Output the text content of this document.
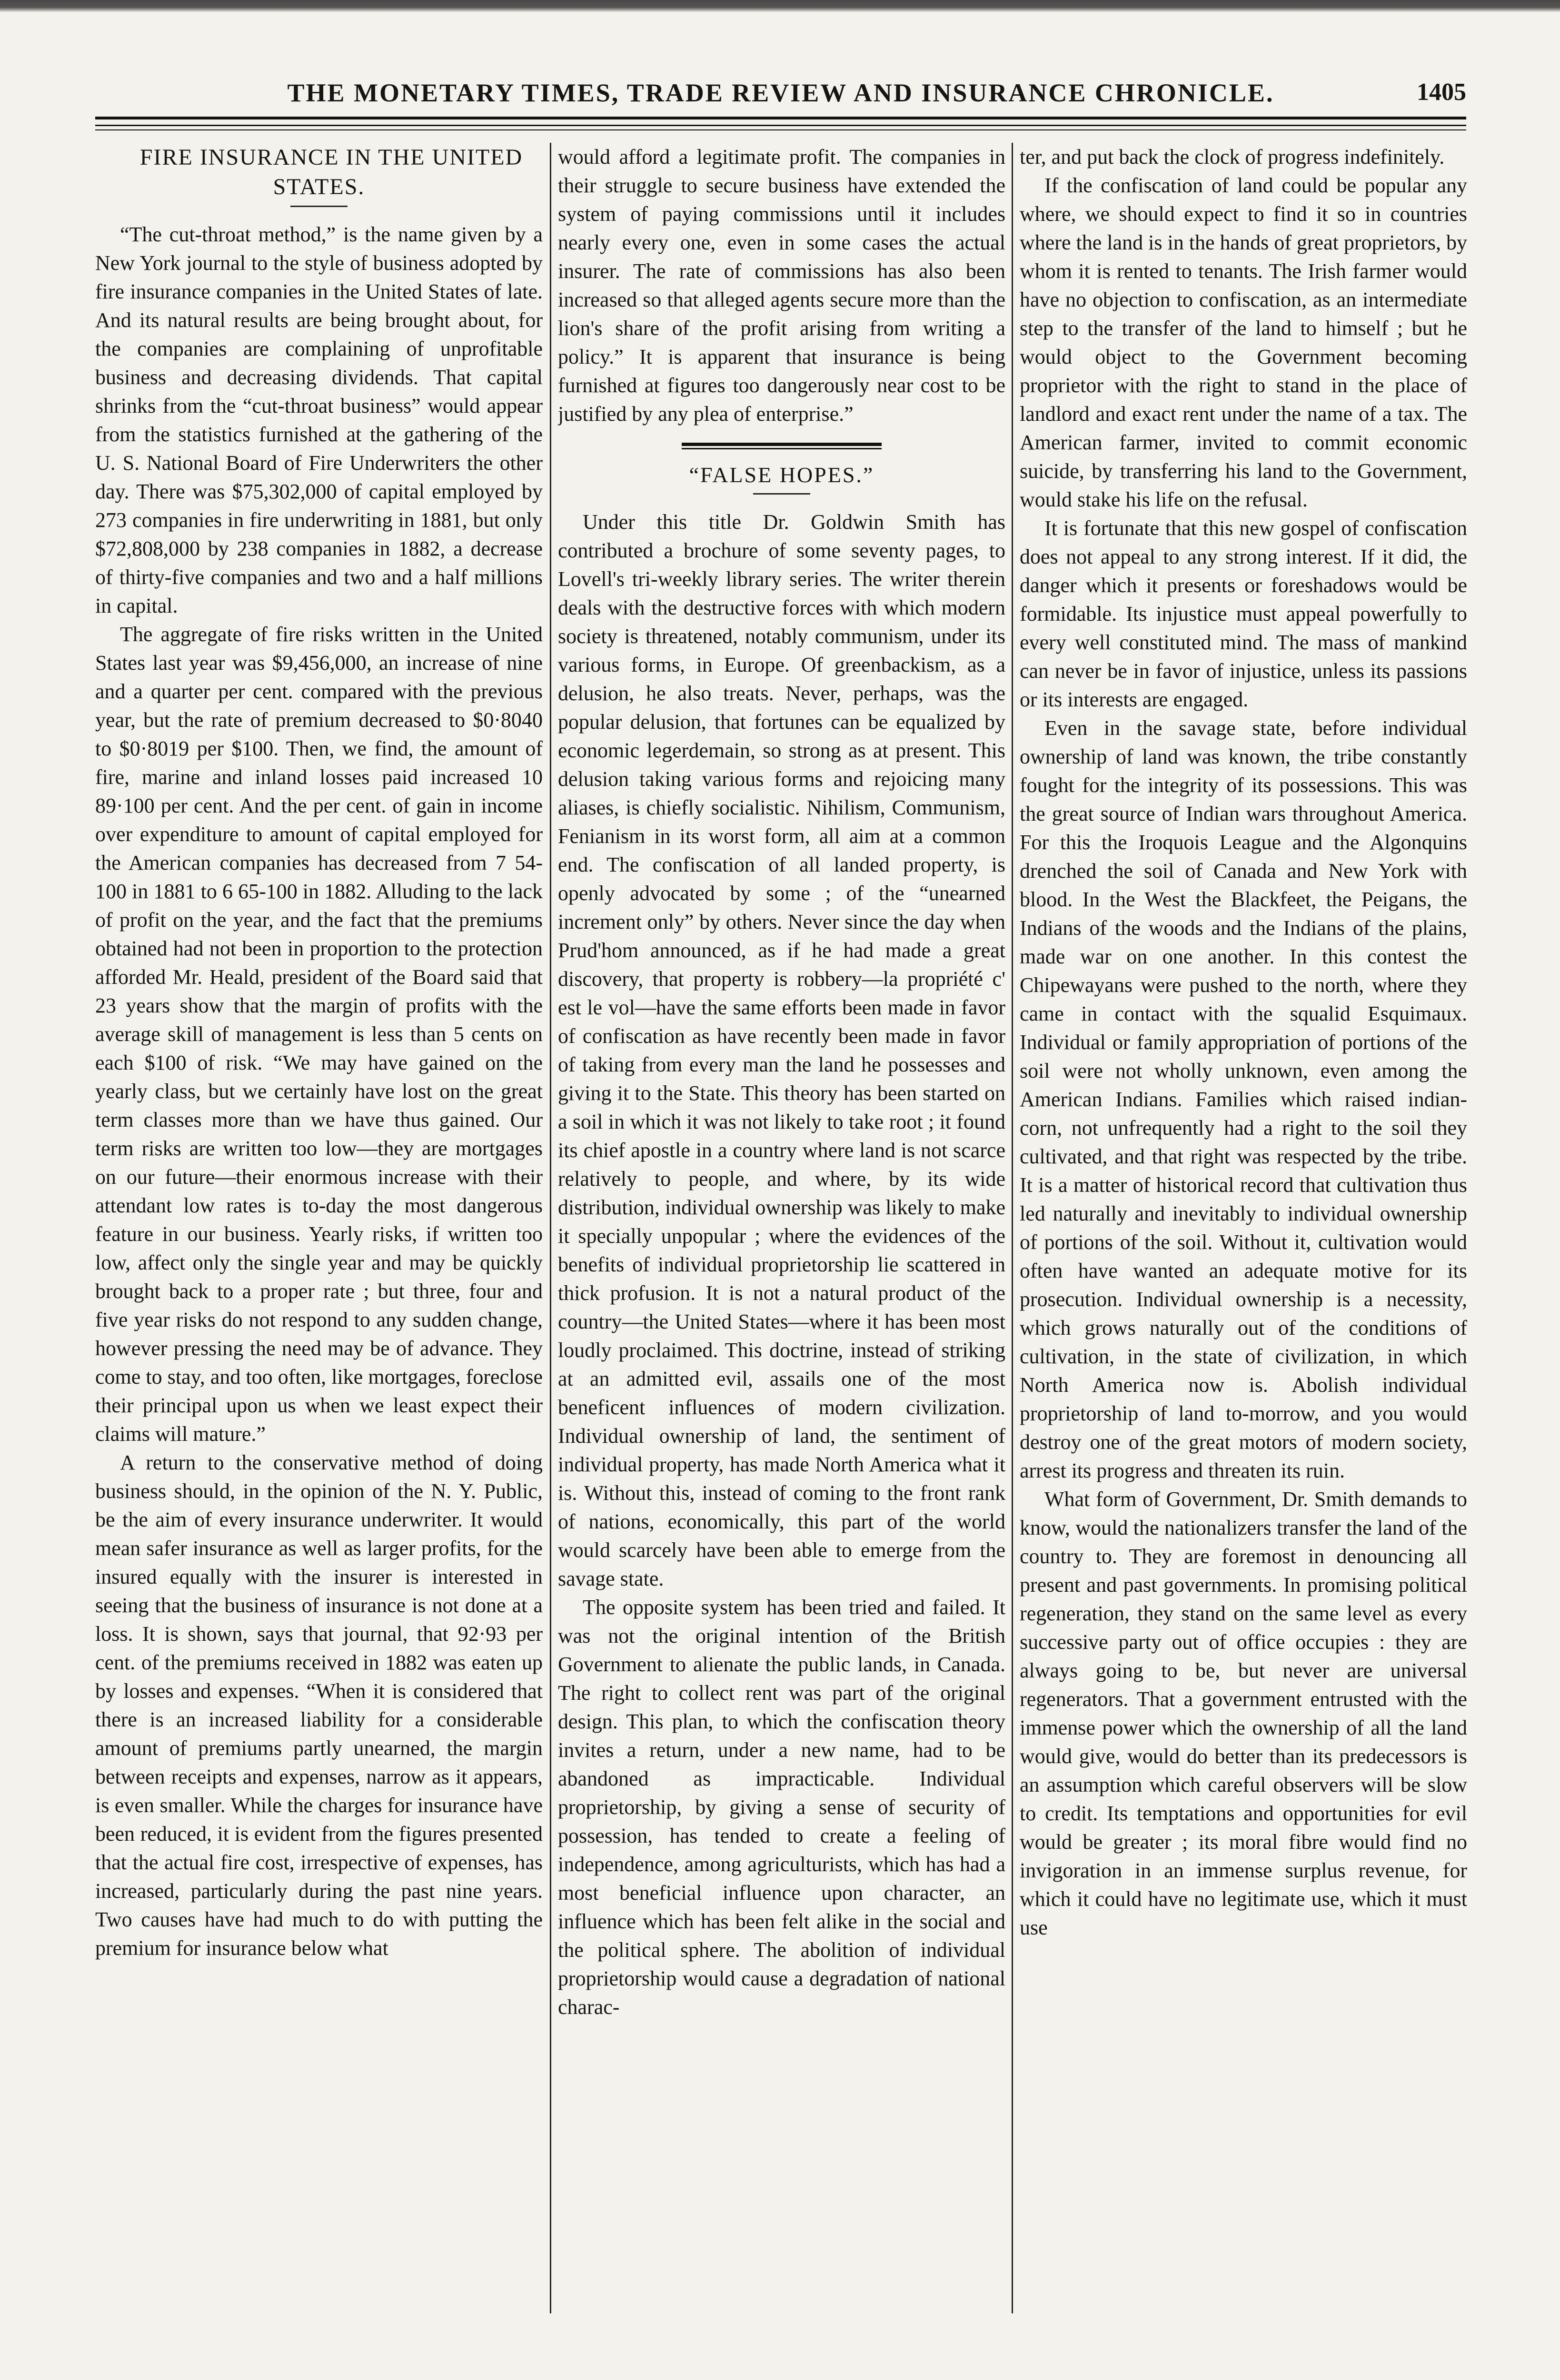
THE MONETARY TIMES, TRADE REVIEW AND INSURANCE CHRONICLE.	1405

FIRE INSURANCE IN THE UNITED STATES.

“The cut-throat method,” is the name given by a New York journal to the style of business adopted by fire insurance companies in the United States of late. And its natural results are being brought about, for the companies are complaining of unprofitable business and decreasing dividends. That capital shrinks from the “cut-throat business” would appear from the statistics furnished at the gathering of the U. S. National Board of Fire Underwriters the other day. There was $75,302,000 of capital employed by 273 companies in fire underwriting in 1881, but only $72,808,000 by 238 companies in 1882, a decrease of thirty-five companies and two and a half millions in capital.

The aggregate of fire risks written in the United States last year was $9,456,000, an increase of nine and a quarter per cent. compared with the previous year, but the rate of premium decreased to $0·8040 to $0·8019 per $100. Then, we find, the amount of fire, marine and inland losses paid increased 10 89·100 per cent. And the per cent. of gain in income over expenditure to amount of capital employed for the American companies has decreased from 7 54-100 in 1881 to 6 65-100 in 1882. Alluding to the lack of profit on the year, and the fact that the premiums obtained had not been in proportion to the protection afforded Mr. Heald, president of the Board said that 23 years show that the margin of profits with the average skill of management is less than 5 cents on each $100 of risk. “We may have gained on the yearly class, but we certainly have lost on the great term classes more than we have thus gained. Our term risks are written too low—they are mortgages on our future—their enormous increase with their attendant low rates is to-day the most dangerous feature in our business. Yearly risks, if written too low, affect only the single year and may be quickly brought back to a proper rate ; but three, four and five year risks do not respond to any sudden change, however pressing the need may be of advance. They come to stay, and too often, like mortgages, foreclose their principal upon us when we least expect their claims will mature.”

A return to the conservative method of doing business should, in the opinion of the N. Y. Public, be the aim of every insurance underwriter. It would mean safer insurance as well as larger profits, for the insured equally with the insurer is interested in seeing that the business of insurance is not done at a loss. It is shown, says that journal, that 92·93 per cent. of the premiums received in 1882 was eaten up by losses and expenses. “When it is considered that there is an increased liability for a considerable amount of premiums partly unearned, the margin between receipts and expenses, narrow as it appears, is even smaller. While the charges for insurance have been reduced, it is evident from the figures presented that the actual fire cost, irrespective of expenses, has increased, particularly during the past nine years. Two causes have had much to do with putting the premium for insurance below what

would afford a legitimate profit. The companies in their struggle to secure business have extended the system of paying commissions until it includes nearly every one, even in some cases the actual insurer. The rate of commissions has also been increased so that alleged agents secure more than the lion's share of the profit arising from writing a policy.” It is apparent that insurance is being furnished at figures too dangerously near cost to be justified by any plea of enterprise.”

“FALSE HOPES.”

Under this title Dr. Goldwin Smith has contributed a brochure of some seventy pages, to Lovell's tri-weekly library series. The writer therein deals with the destructive forces with which modern society is threatened, notably communism, under its various forms, in Europe. Of greenbackism, as a delusion, he also treats. Never, perhaps, was the popular delusion, that fortunes can be equalized by economic legerdemain, so strong as at present. This delusion taking various forms and rejoicing many aliases, is chiefly socialistic. Nihilism, Communism, Fenianism in its worst form, all aim at a common end. The confiscation of all landed property, is openly advocated by some ; of the “unearned increment only” by others. Never since the day when Prud'hom announced, as if he had made a great discovery, that property is robbery—la propriété c' est le vol—have the same efforts been made in favor of confiscation as have recently been made in favor of taking from every man the land he possesses and giving it to the State. This theory has been started on a soil in which it was not likely to take root ; it found its chief apostle in a country where land is not scarce relatively to people, and where, by its wide distribution, individual ownership was likely to make it specially unpopular ; where the evidences of the benefits of individual proprietorship lie scattered in thick profusion. It is not a natural product of the country—the United States—where it has been most loudly proclaimed. This doctrine, instead of striking at an admitted evil, assails one of the most beneficent influences of modern civilization. Individual ownership of land, the sentiment of individual property, has made North America what it is. Without this, instead of coming to the front rank of nations, economically, this part of the world would scarcely have been able to emerge from the savage state.

The opposite system has been tried and failed. It was not the original intention of the British Government to alienate the public lands, in Canada. The right to collect rent was part of the original design. This plan, to which the confiscation theory invites a return, under a new name, had to be abandoned as impracticable. Individual proprietorship, by giving a sense of security of possession, has tended to create a feeling of independence, among agriculturists, which has had a most beneficial influence upon character, an influence which has been felt alike in the social and the political sphere. The abolition of individual proprietorship would cause a degradation of national charac-

ter, and put back the clock of progress indefinitely.

If the confiscation of land could be popular any where, we should expect to find it so in countries where the land is in the hands of great proprietors, by whom it is rented to tenants. The Irish farmer would have no objection to confiscation, as an intermediate step to the transfer of the land to himself ; but he would object to the Government becoming proprietor with the right to stand in the place of landlord and exact rent under the name of a tax. The American farmer, invited to commit economic suicide, by transferring his land to the Government, would stake his life on the refusal.

It is fortunate that this new gospel of confiscation does not appeal to any strong interest. If it did, the danger which it presents or foreshadows would be formidable. Its injustice must appeal powerfully to every well constituted mind. The mass of mankind can never be in favor of injustice, unless its passions or its interests are engaged.

Even in the savage state, before individual ownership of land was known, the tribe constantly fought for the integrity of its possessions. This was the great source of Indian wars throughout America. For this the Iroquois League and the Algonquins drenched the soil of Canada and New York with blood. In the West the Blackfeet, the Peigans, the Indians of the woods and the Indians of the plains, made war on one another. In this contest the Chipewayans were pushed to the north, where they came in contact with the squalid Esquimaux. Individual or family appropriation of portions of the soil were not wholly unknown, even among the American Indians. Families which raised indian-corn, not unfrequently had a right to the soil they cultivated, and that right was respected by the tribe. It is a matter of historical record that cultivation thus led naturally and inevitably to individual ownership of portions of the soil. Without it, cultivation would often have wanted an adequate motive for its prosecution. Individual ownership is a necessity, which grows naturally out of the conditions of cultivation, in the state of civilization, in which North America now is. Abolish individual proprietorship of land to-morrow, and you would destroy one of the great motors of modern society, arrest its progress and threaten its ruin.

What form of Government, Dr. Smith demands to know, would the nationalizers transfer the land of the country to. They are foremost in denouncing all present and past governments. In promising political regeneration, they stand on the same level as every successive party out of office occupies : they are always going to be, but never are universal regenerators. That a government entrusted with the immense power which the ownership of all the land would give, would do better than its predecessors is an assumption which careful observers will be slow to credit. Its temptations and opportunities for evil would be greater ; its moral fibre would find no invigoration in an immense surplus revenue, for which it could have no legitimate use, which it must use
